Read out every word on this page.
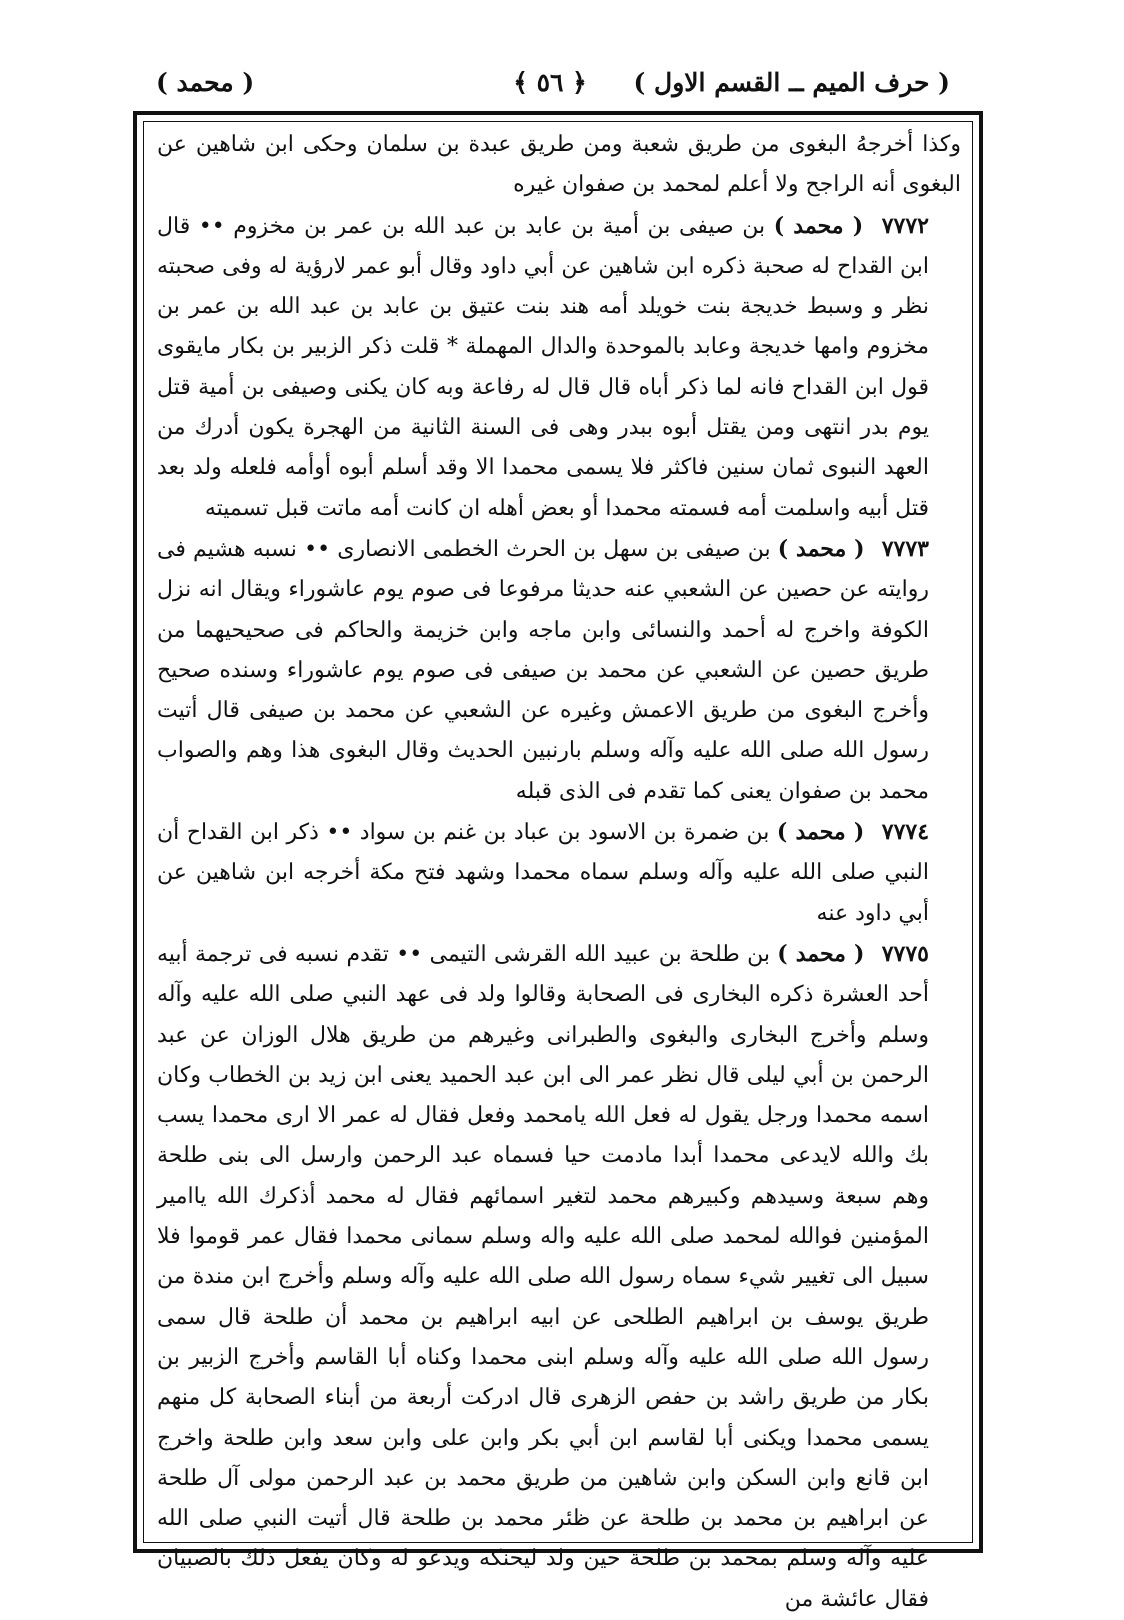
( حرف الميم ــ القسم الاول )
﴿ ٥٦ ﴾
( محمد )

وكذا أخرجهُ البغوى من طريق شعبة ومن طريق عبدة بن سلمان وحكى ابن شاهين عن البغوى أنه الراجح ولا أعلم لمحمد بن صفوان غيره

٧٧٧٢ ( محمد ) بن صيفى بن أمية بن عابد بن عبد الله بن عمر بن مخزوم •• قال ابن القداح له صحبة ذكره ابن شاهين عن أبي داود وقال أبو عمر لارؤية له وفى صحبته نظر و وسبط خديجة بنت خويلد أمه هند بنت عتيق بن عابد بن عبد الله بن عمر بن مخزوم وامها خديجة وعابد بالموحدة والدال المهملة * قلت ذكر الزبير بن بكار مايقوى قول ابن القداح فانه لما ذكر أباه قال قال له رفاعة وبه كان يكنى وصيفى بن أمية قتل يوم بدر انتهى ومن يقتل أبوه ببدر وهى فى السنة الثانية من الهجرة يكون أدرك من العهد النبوى ثمان سنين فاكثر فلا يسمى محمدا الا وقد أسلم أبوه أوأمه فلعله ولد بعد قتل أبيه واسلمت أمه فسمته محمدا أو بعض أهله ان كانت أمه ماتت قبل تسميته

٧٧٧٣ ( محمد ) بن صيفى بن سهل بن الحرث الخطمى الانصارى •• نسبه هشيم فى روايته عن حصين عن الشعبي عنه حديثا مرفوعا فى صوم يوم عاشوراء ويقال انه نزل الكوفة واخرج له أحمد والنسائى وابن ماجه وابن خزيمة والحاكم فى صحيحيهما من طريق حصين عن الشعبي عن محمد بن صيفى فى صوم يوم عاشوراء وسنده صحيح وأخرج البغوى من طريق الاعمش وغيره عن الشعبي عن محمد بن صيفى قال أتيت رسول الله صلى الله عليه وآله وسلم بارنبين الحديث وقال البغوى هذا وهم والصواب محمد بن صفوان يعنى كما تقدم فى الذى قبله

٧٧٧٤ ( محمد ) بن ضمرة بن الاسود بن عباد بن غنم بن سواد •• ذكر ابن القداح أن النبي صلى الله عليه وآله وسلم سماه محمدا وشهد فتح مكة أخرجه ابن شاهين عن أبي داود عنه

٧٧٧٥ ( محمد ) بن طلحة بن عبيد الله القرشى التيمى •• تقدم نسبه فى ترجمة أبيه أحد العشرة ذكره البخارى فى الصحابة وقالوا ولد فى عهد النبي صلى الله عليه وآله وسلم وأخرج البخارى والبغوى والطبرانى وغيرهم من طريق هلال الوزان عن عبد الرحمن بن أبي ليلى قال نظر عمر الى ابن عبد الحميد يعنى ابن زيد بن الخطاب وكان اسمه محمدا ورجل يقول له فعل الله يامحمد وفعل فقال له عمر الا ارى محمدا يسب بك والله لايدعى محمدا أبدا مادمت حيا فسماه عبد الرحمن وارسل الى بنى طلحة وهم سبعة وسيدهم وكبيرهم محمد لتغير اسمائهم فقال له محمد أذكرك الله ياامير المؤمنين فوالله لمحمد صلى الله عليه واله وسلم سمانى محمدا فقال عمر قوموا فلا سبيل الى تغيير شيء سماه رسول الله صلى الله عليه وآله وسلم وأخرج ابن مندة من طريق يوسف بن ابراهيم الطلحى عن ابيه ابراهيم بن محمد أن طلحة قال سمى رسول الله صلى الله عليه وآله وسلم ابنى محمدا وكناه أبا القاسم وأخرج الزبير بن بكار من طريق راشد بن حفص الزهرى قال ادركت أربعة من أبناء الصحابة كل منهم يسمى محمدا ويكنى أبا لقاسم ابن أبي بكر وابن على وابن سعد وابن طلحة واخرج ابن قانع وابن السكن وابن شاهين من طريق محمد بن عبد الرحمن مولى آل طلحة عن ابراهيم بن محمد بن طلحة عن ظئر محمد بن طلحة قال أتيت النبي صلى الله عليه وآله وسلم بمحمد بن طلحة حين ولد ليحنكه ويدعو له وكان يفعل ذلك بالصبيان فقال عائشة من
